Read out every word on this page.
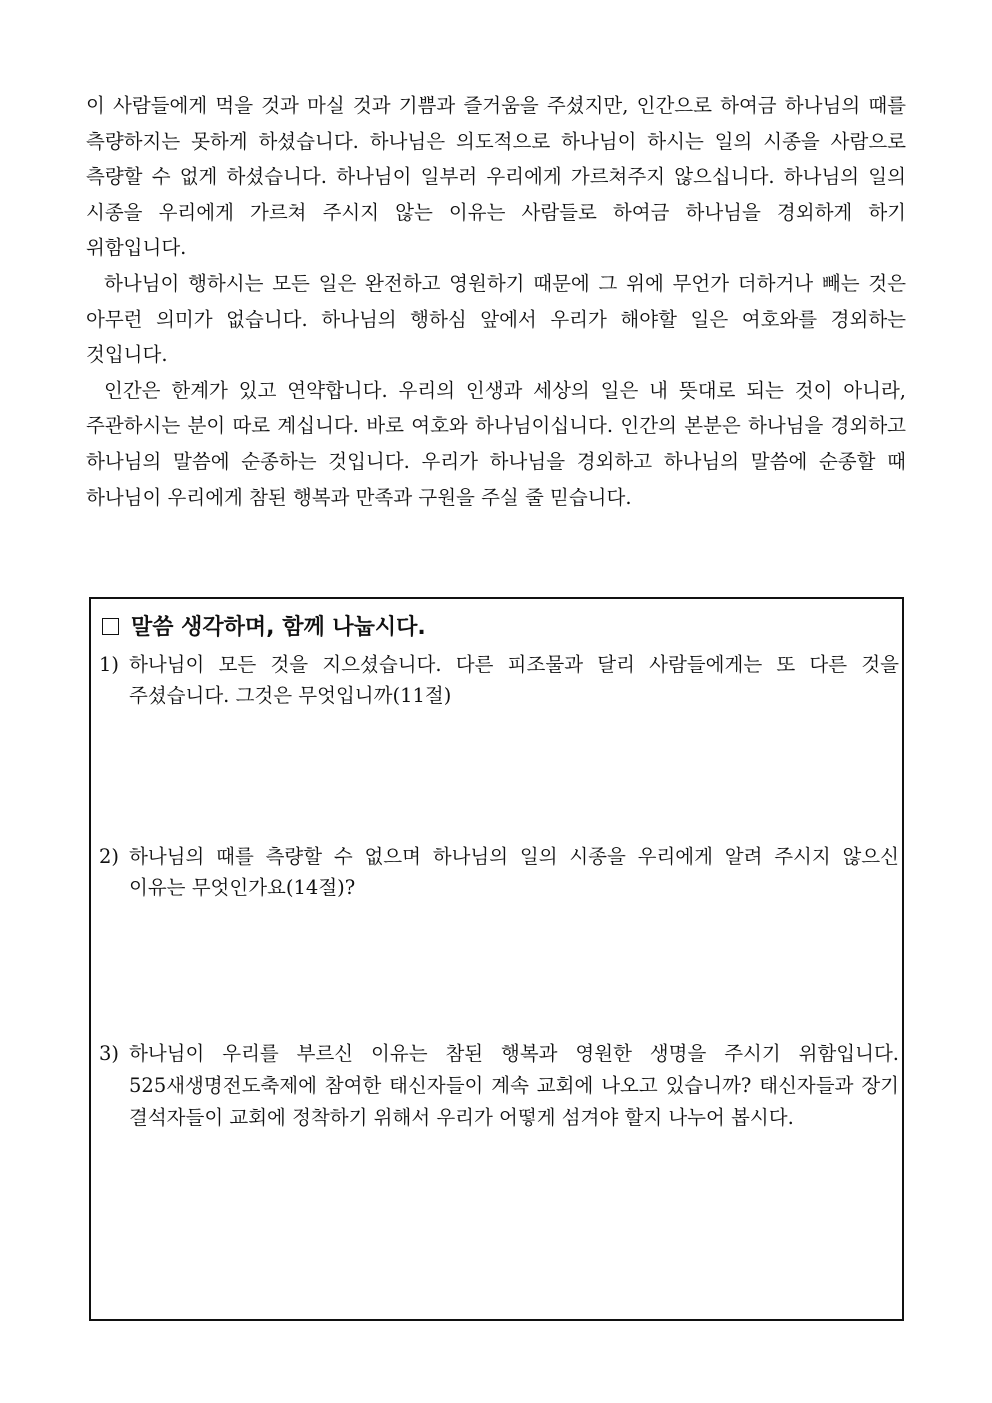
이 사람들에게 먹을 것과 마실 것과 기쁨과 즐거움을 주셨지만, 인간으로 하여금 하나님의 때를 측량하지는 못하게 하셨습니다. 하나님은 의도적으로 하나님이 하시는 일의 시종을 사람으로 측량할 수 없게 하셨습니다. 하나님이 일부러 우리에게 가르쳐주지 않으십니다. 하나님의 일의 시종을 우리에게 가르쳐 주시지 않는 이유는 사람들로 하여금 하나님을 경외하게 하기 위함입니다.

하나님이 행하시는 모든 일은 완전하고 영원하기 때문에 그 위에 무언가 더하거나 빼는 것은 아무런 의미가 없습니다. 하나님의 행하심 앞에서 우리가 해야할 일은 여호와를 경외하는 것입니다.

인간은 한계가 있고 연약합니다. 우리의 인생과 세상의 일은 내 뜻대로 되는 것이 아니라, 주관하시는 분이 따로 계십니다. 바로 여호와 하나님이십니다. 인간의 본분은 하나님을 경외하고 하나님의 말씀에 순종하는 것입니다. 우리가 하나님을 경외하고 하나님의 말씀에 순종할 때 하나님이 우리에게 참된 행복과 만족과 구원을 주실 줄 믿습니다.

말씀 생각하며, 함께 나눕시다.
1) 하나님이 모든 것을 지으셨습니다. 다른 피조물과 달리 사람들에게는 또 다른 것을 주셨습니다. 그것은 무엇입니까(11절)
2) 하나님의 때를 측량할 수 없으며 하나님의 일의 시종을 우리에게 알려 주시지 않으신 이유는 무엇인가요(14절)?
3) 하나님이 우리를 부르신 이유는 참된 행복과 영원한 생명을 주시기 위함입니다. 525새생명전도축제에 참여한 태신자들이 계속 교회에 나오고 있습니까? 태신자들과 장기 결석자들이 교회에 정착하기 위해서 우리가 어떻게 섬겨야 할지 나누어 봅시다.
